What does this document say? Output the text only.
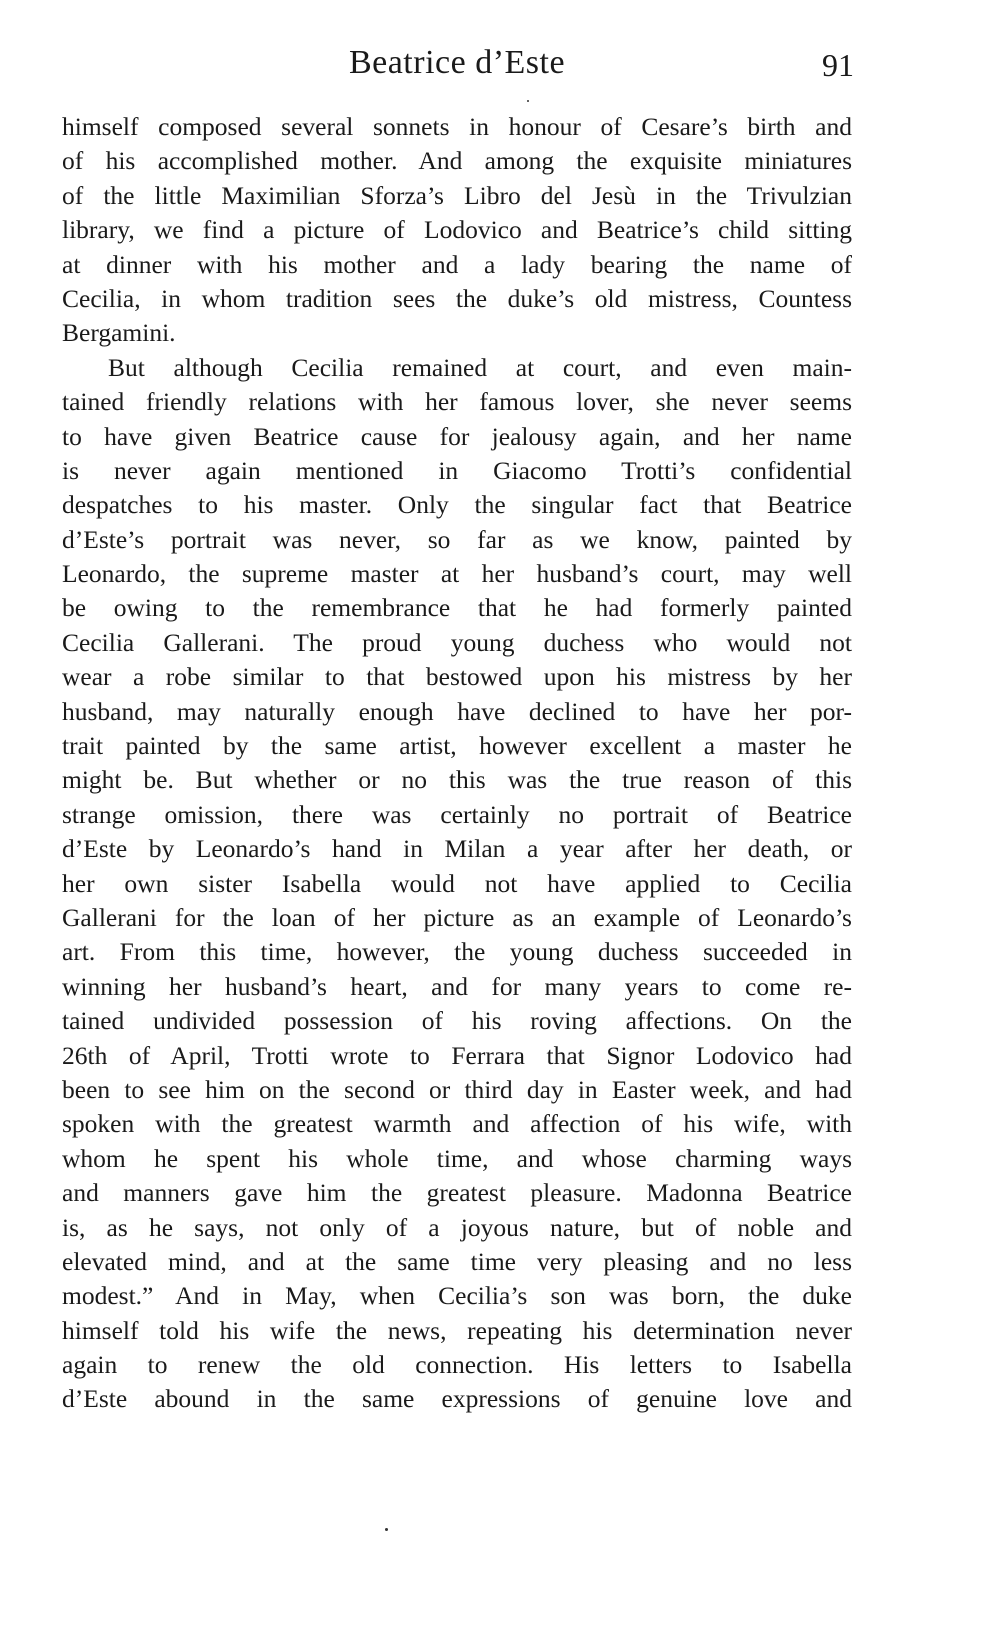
Beatrice d’Este	91
himself composed several sonnets in honour of Cesare’s birth and
of his accomplished mother. And among the exquisite miniatures
of the little Maximilian Sforza’s Libro del Jesù in the Trivulzian
library, we find a picture of Lodovico and Beatrice’s child sitting
at dinner with his mother and a lady bearing the name of
Cecilia, in whom tradition sees the duke’s old mistress, Countess
Bergamini.
But although Cecilia remained at court, and even main-
tained friendly relations with her famous lover, she never seems
to have given Beatrice cause for jealousy again, and her name
is never again mentioned in Giacomo Trotti’s confidential
despatches to his master. Only the singular fact that Beatrice
d’Este’s portrait was never, so far as we know, painted by
Leonardo, the supreme master at her husband’s court, may well
be owing to the remembrance that he had formerly painted
Cecilia Gallerani. The proud young duchess who would not
wear a robe similar to that bestowed upon his mistress by her
husband, may naturally enough have declined to have her por-
trait painted by the same artist, however excellent a master he
might be. But whether or no this was the true reason of this
strange omission, there was certainly no portrait of Beatrice
d’Este by Leonardo’s hand in Milan a year after her death, or
her own sister Isabella would not have applied to Cecilia
Gallerani for the loan of her picture as an example of Leonardo’s
art. From this time, however, the young duchess succeeded in
winning her husband’s heart, and for many years to come re-
tained undivided possession of his roving affections. On the
26th of April, Trotti wrote to Ferrara that Signor Lodovico had
been to see him on the second or third day in Easter week, and had
spoken with the greatest warmth and affection of his wife, with
whom he spent his whole time, and whose charming ways
and manners gave him the greatest pleasure. Madonna Beatrice
is, as he says, not only of a joyous nature, but of noble and
elevated mind, and at the same time very pleasing and no less
modest.” And in May, when Cecilia’s son was born, the duke
himself told his wife the news, repeating his determination never
again to renew the old connection. His letters to Isabella
d’Este abound in the same expressions of genuine love and
